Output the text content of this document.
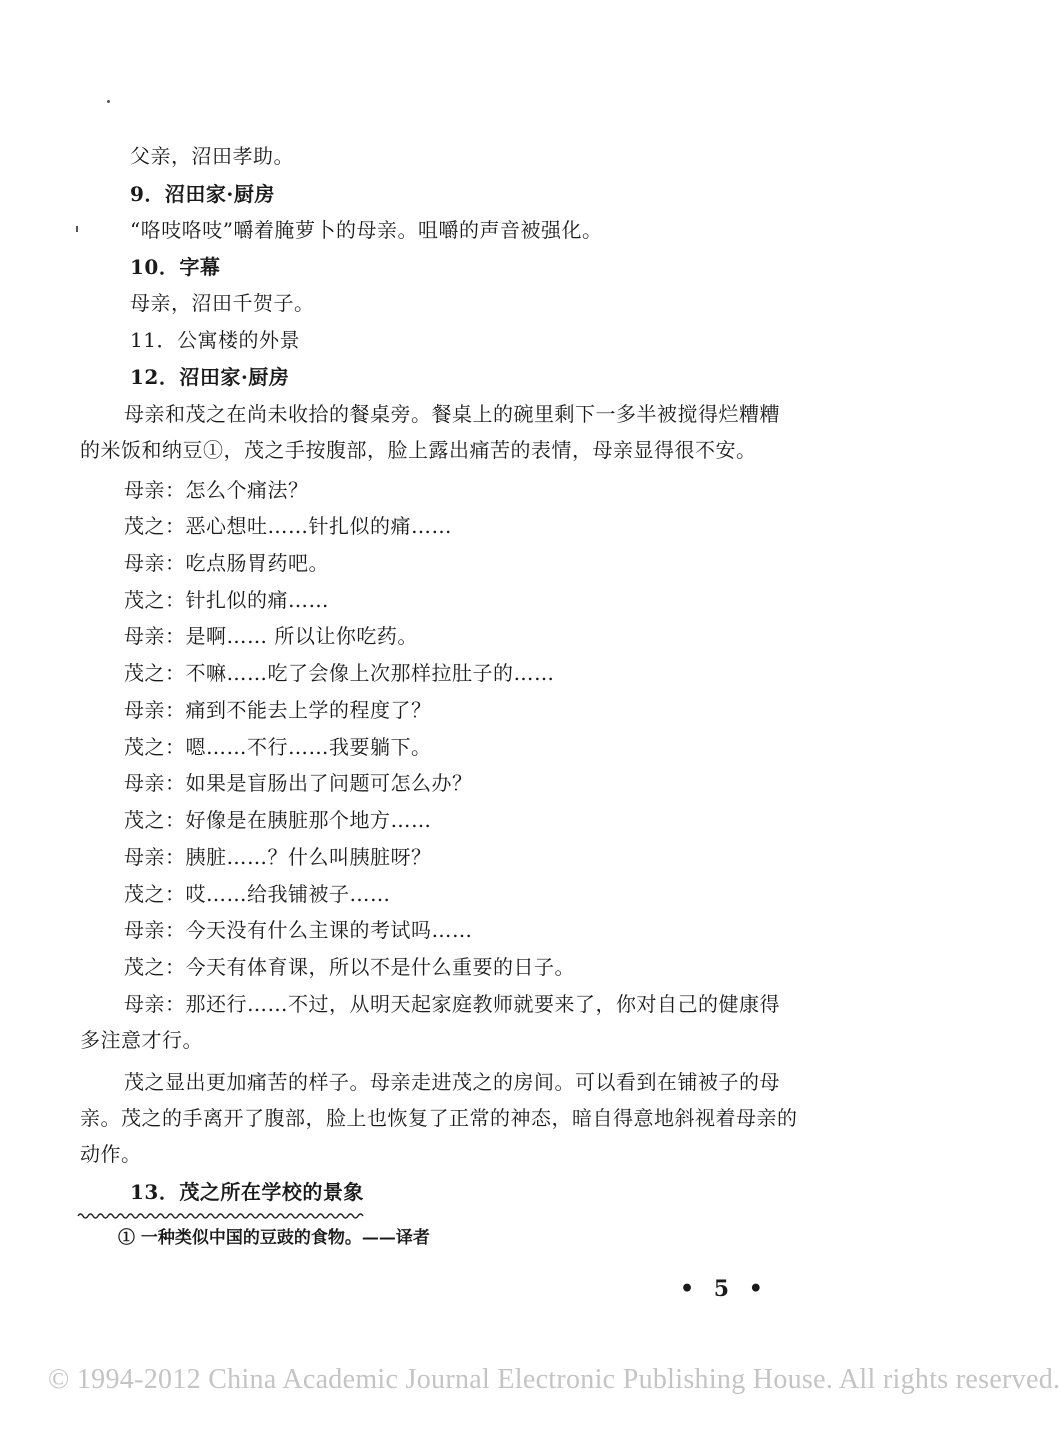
父亲，沼田孝助。
9．沼田家·厨房
“咯吱咯吱”嚼着腌萝卜的母亲。咀嚼的声音被强化。
10．字幕
母亲，沼田千贺子。
11．公寓楼的外景
12．沼田家·厨房
母亲和茂之在尚未收拾的餐桌旁。餐桌上的碗里剩下一多半被搅得烂糟糟的米饭和纳豆①，茂之手按腹部，脸上露出痛苦的表情，母亲显得很不安。
母亲：怎么个痛法？
茂之：恶心想吐……针扎似的痛……
母亲：吃点肠胃药吧。
茂之：针扎似的痛……
母亲：是啊…… 所以让你吃药。
茂之：不嘛……吃了会像上次那样拉肚子的……
母亲：痛到不能去上学的程度了？
茂之：嗯……不行……我要躺下。
母亲：如果是盲肠出了问题可怎么办？
茂之：好像是在胰脏那个地方……
母亲：胰脏……？什么叫胰脏呀？
茂之：哎……给我铺被子……
母亲：今天没有什么主课的考试吗……
茂之：今天有体育课，所以不是什么重要的日子。
母亲：那还行……不过，从明天起家庭教师就要来了，你对自己的健康得多注意才行。
茂之显出更加痛苦的样子。母亲走进茂之的房间。可以看到在铺被子的母亲。茂之的手离开了腹部，脸上也恢复了正常的神态，暗自得意地斜视着母亲的动作。
13．茂之所在学校的景象
① 一种类似中国的豆豉的食物。——译者
• 5 •
© 1994-2012 China Academic Journal Electronic Publishing House. All rights reserved.
